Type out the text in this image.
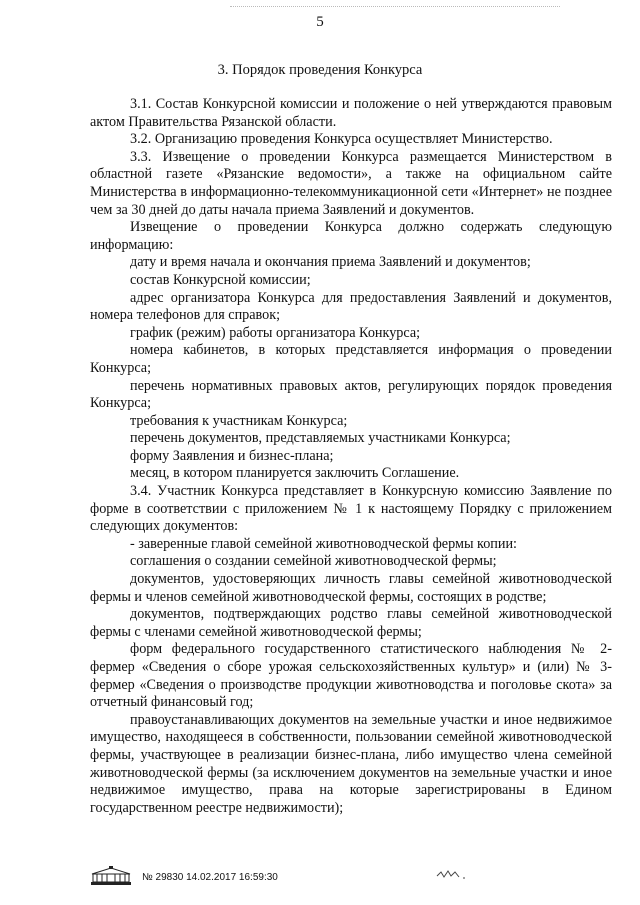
5
3. Порядок проведения Конкурса

3.1. Состав Конкурсной комиссии и положение о ней утверждаются правовым актом Правительства Рязанской области.

3.2. Организацию проведения Конкурса осуществляет Министерство.

3.3. Извещение о проведении Конкурса размещается Министерством в областной газете «Рязанские ведомости», а также на официальном сайте Министерства в информационно-телекоммуникационной сети «Интернет» не позднее чем за 30 дней до даты начала приема Заявлений и документов.

Извещение о проведении Конкурса должно содержать следующую информацию:

дату и время начала и окончания приема Заявлений и документов;

состав Конкурсной комиссии;

адрес организатора Конкурса для предоставления Заявлений и документов, номера телефонов для справок;

график (режим) работы организатора Конкурса;

номера кабинетов, в которых представляется информация о проведении Конкурса;

перечень нормативных правовых актов, регулирующих порядок проведения Конкурса;

требования к участникам Конкурса;

перечень документов, представляемых участниками Конкурса;

форму Заявления и бизнес-плана;

месяц, в котором планируется заключить Соглашение.

3.4. Участник Конкурса представляет в Конкурсную комиссию Заявление по форме в соответствии с приложением № 1 к настоящему Порядку с приложением следующих документов:

- заверенные главой семейной животноводческой фермы копии:

соглашения о создании семейной животноводческой фермы;

документов, удостоверяющих личность главы семейной животноводческой фермы и членов семейной животноводческой фермы, состоящих в родстве;

документов, подтверждающих родство главы семейной животноводческой фермы с членами семейной животноводческой фермы;

форм федерального государственного статистического наблюдения № 2-фермер «Сведения о сборе урожая сельскохозяйственных культур» и (или) № 3-фермер «Сведения о производстве продукции животноводства и поголовье скота» за отчетный финансовый год;

правоустанавливающих документов на земельные участки и иное недвижимое имущество, находящееся в собственности, пользовании семейной животноводческой фермы, участвующее в реализации бизнес-плана, либо имущество члена семейной животноводческой фермы (за исключением документов на земельные участки и иное недвижимое имущество, права на которые зарегистрированы в Едином государственном реестре недвижимости);

№ 29830 14.02.2017 16:59:30
